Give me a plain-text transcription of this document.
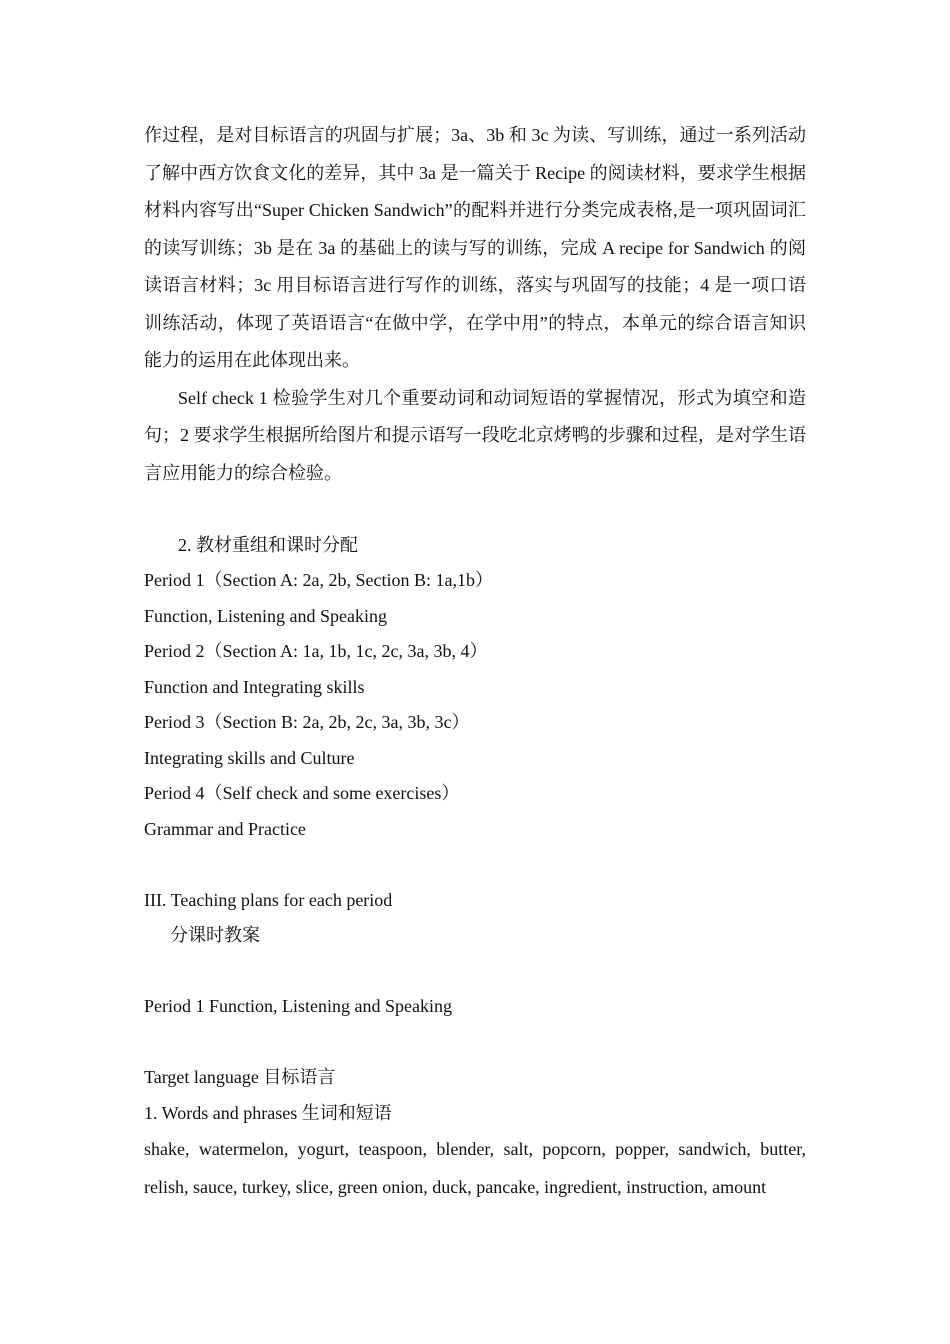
作过程，是对目标语言的巩固与扩展；3a、3b 和 3c 为读、写训练，通过一系列活动了解中西方饮食文化的差异，其中 3a 是一篇关于 Recipe 的阅读材料，要求学生根据材料内容写出“Super Chicken Sandwich”的配料并进行分类完成表格,是一项巩固词汇的读写训练；3b 是在 3a 的基础上的读与写的训练，完成 A recipe for Sandwich 的阅读语言材料；3c 用目标语言进行写作的训练，落实与巩固写的技能；4 是一项口语训练活动，体现了英语语言“在做中学，在学中用”的特点，本单元的综合语言知识能力的运用在此体现出来。

Self check 1 检验学生对几个重要动词和动词短语的掌握情况，形式为填空和造句；2 要求学生根据所给图片和提示语写一段吃北京烤鸭的步骤和过程，是对学生语言应用能力的综合检验。

2. 教材重组和课时分配

Period 1（Section A: 2a, 2b, Section B: 1a,1b）

Function, Listening and Speaking

Period 2（Section A: 1a, 1b, 1c, 2c, 3a, 3b, 4）

Function and Integrating skills

Period 3（Section B: 2a, 2b, 2c, 3a, 3b, 3c）

Integrating skills and Culture

Period 4（Self check and some exercises）

Grammar and Practice

III. Teaching plans for each period

分课时教案

Period 1 Function, Listening and Speaking

Target language 目标语言

1. Words and phrases 生词和短语

shake, watermelon, yogurt, teaspoon, blender, salt, popcorn, popper, sandwich, butter, relish, sauce, turkey, slice, green onion, duck, pancake, ingredient, instruction, amount
